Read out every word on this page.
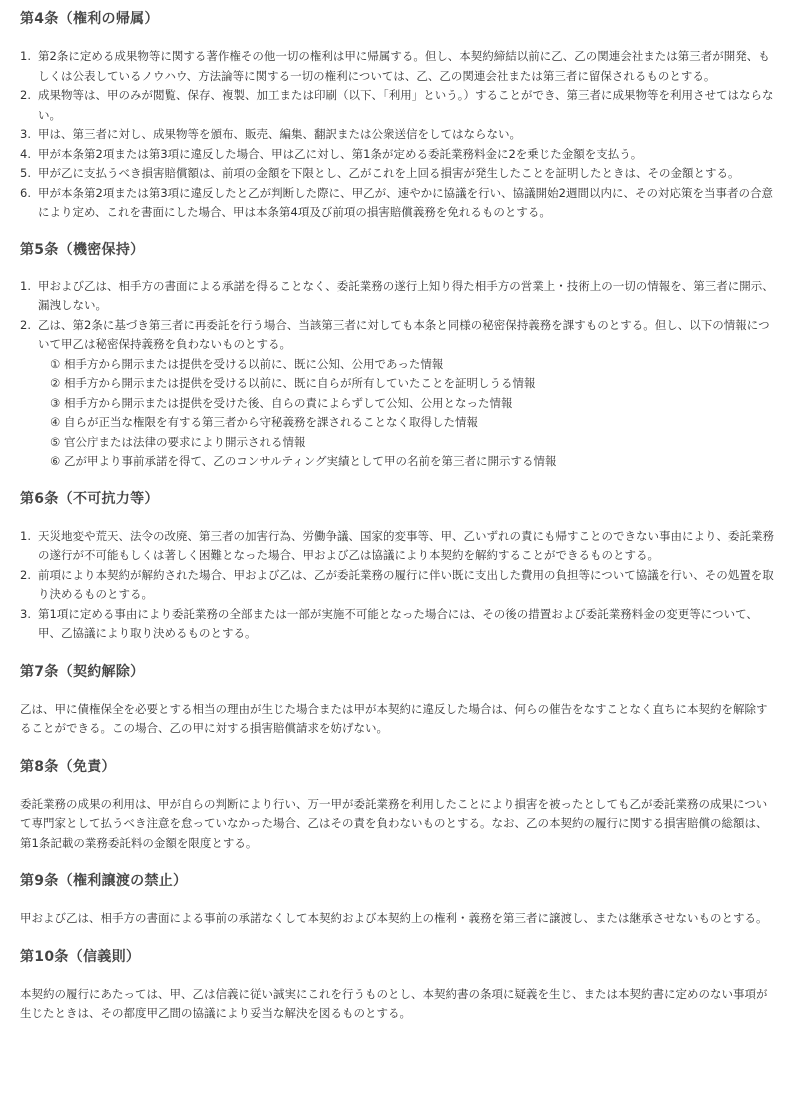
第4条（権利の帰属）
1. 第2条に定める成果物等に関する著作権その他一切の権利は甲に帰属する。但し、本契約締結以前に乙、乙の関連会社または第三者が開発、もしくは公表しているノウハウ、方法論等に関する一切の権利については、乙、乙の関連会社または第三者に留保されるものとする。
2. 成果物等は、甲のみが閲覧、保存、複製、加工または印刷（以下、「利用」という。）することができ、第三者に成果物等を利用させてはならない。
3. 甲は、第三者に対し、成果物等を頒布、販売、編集、翻訳または公衆送信をしてはならない。
4. 甲が本条第2項または第3項に違反した場合、甲は乙に対し、第1条が定める委託業務料金に2を乗じた金額を支払う。
5. 甲が乙に支払うべき損害賠償額は、前項の金額を下限とし、乙がこれを上回る損害が発生したことを証明したときは、その金額とする。
6. 甲が本条第2項または第3項に違反したと乙が判断した際に、甲乙が、速やかに協議を行い、協議開始2週間以内に、その対応策を当事者の合意により定め、これを書面にした場合、甲は本条第4項及び前項の損害賠償義務を免れるものとする。
第5条（機密保持）
1. 甲および乙は、相手方の書面による承諾を得ることなく、委託業務の遂行上知り得た相手方の営業上・技術上の一切の情報を、第三者に開示、漏洩しない。
2. 乙は、第2条に基づき第三者に再委託を行う場合、当該第三者に対しても本条と同様の秘密保持義務を課すものとする。但し、以下の情報について甲乙は秘密保持義務を負わないものとする。
① 相手方から開示または提供を受ける以前に、既に公知、公用であった情報
② 相手方から開示または提供を受ける以前に、既に自らが所有していたことを証明しうる情報
③ 相手方から開示または提供を受けた後、自らの責によらずして公知、公用となった情報
④ 自らが正当な権限を有する第三者から守秘義務を課されることなく取得した情報
⑤ 官公庁または法律の要求により開示される情報
⑥ 乙が甲より事前承諾を得て、乙のコンサルティング実績として甲の名前を第三者に開示する情報
第6条（不可抗力等）
1. 天災地変や荒天、法令の改廃、第三者の加害行為、労働争議、国家的変事等、甲、乙いずれの責にも帰すことのできない事由により、委託業務の遂行が不可能もしくは著しく困難となった場合、甲および乙は協議により本契約を解約することができるものとする。
2. 前項により本契約が解約された場合、甲および乙は、乙が委託業務の履行に伴い既に支出した費用の負担等について協議を行い、その処置を取り決めるものとする。
3. 第1項に定める事由により委託業務の全部または一部が実施不可能となった場合には、その後の措置および委託業務料金の変更等について、甲、乙協議により取り決めるものとする。
第7条（契約解除）

乙は、甲に債権保全を必要とする相当の理由が生じた場合または甲が本契約に違反した場合は、何らの催告をなすことなく直ちに本契約を解除することができる。この場合、乙の甲に対する損害賠償請求を妨げない。

第8条（免責）

委託業務の成果の利用は、甲が自らの判断により行い、万一甲が委託業務を利用したことにより損害を被ったとしても乙が委託業務の成果について専門家として払うべき注意を怠っていなかった場合、乙はその責を負わないものとする。なお、乙の本契約の履行に関する損害賠償の総額は、第1条記載の業務委託料の金額を限度とする。

第9条（権利譲渡の禁止）

甲および乙は、相手方の書面による事前の承諾なくして本契約および本契約上の権利・義務を第三者に譲渡し、または継承させないものとする。

第10条（信義則）

本契約の履行にあたっては、甲、乙は信義に従い誠実にこれを行うものとし、本契約書の条項に疑義を生じ、または本契約書に定めのない事項が生じたときは、その都度甲乙間の協議により妥当な解決を図るものとする。
